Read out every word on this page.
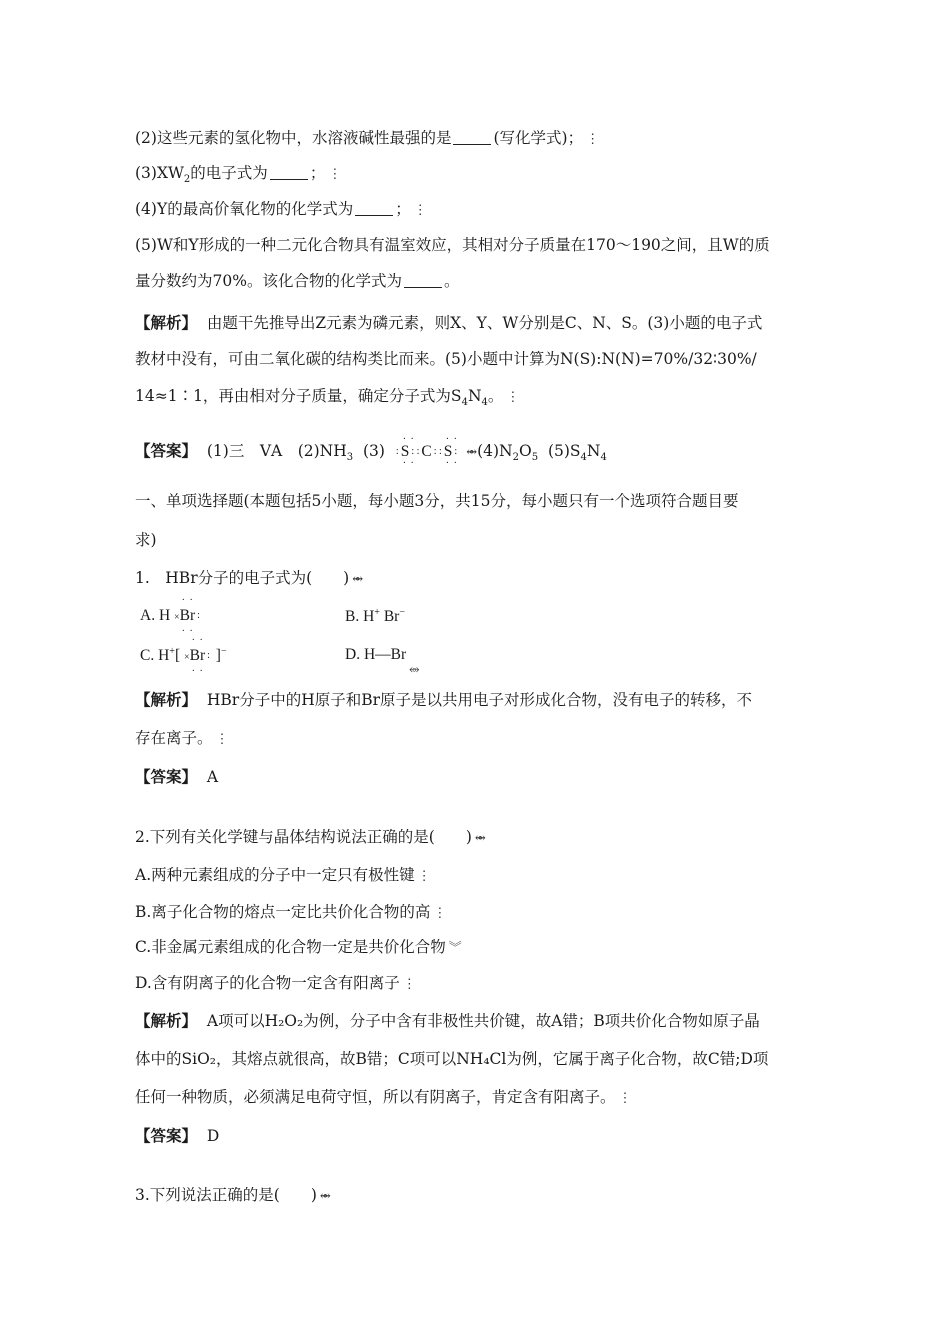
(2)这些元素的氢化物中，水溶液碱性最强的是	(写化学式)； ⋮
$(3)XW_2$的电子式为	； ⋮
(4)Y的最高价氧化物的化学式为	； ⋮
(5)W和Y形成的一种二元化合物具有温室效应，其相对分子质量在170～190之间，且W的质
量分数约为70%。该化合物的化学式为	。
【解析】 由题干先推导出Z元素为磷元素，则X、Y、W分别是C、N、S。(3)小题的电子式
教材中没有，可由二氧化碳的结构类比而来。(5)小题中计算为N(S):N(N)=70%/32∶30%/
14≈1∶1，再由相对分子质量，确定分子式为$S_4N_4$。 ⋮
【答案】 (1)三　ⅤA　$(2)NH_3$ (3) : · · S · · : : C : : · · S · · : $⥈(4)N_2O_5$ $(5)S_4N_4$
一、单项选择题(本题包括5小题，每小题3分，共15分，每小题只有一个选项符合题目要
求)
1.　HBr分子的电子式为(　　) ⥈
A. H ×· · Br · · :	B. H+ Br−
C. H+[ ×· · Br · · : ]−	D. $H—Br_⥈$
【解析】 HBr分子中的H原子和Br原子是以共用电子对形成化合物，没有电子的转移，不
存在离子。 ⋮
【答案】 A
2.下列有关化学键与晶体结构说法正确的是(　　) ⥈
A.两种元素组成的分子中一定只有极性键 ⋮
B.离子化合物的熔点一定比共价化合物的高 ⋮
C.非金属元素组成的化合物一定是共价化合物 ︾
D.含有阴离子的化合物一定含有阳离子 ⋮
【解析】 A项可以H₂O₂为例，分子中含有非极性共价键，故A错；B项共价化合物如原子晶
体中的SiO₂，其熔点就很高，故B错；C项可以NH₄Cl为例，它属于离子化合物，故C错;D项
任何一种物质，必须满足电荷守恒，所以有阴离子，肯定含有阳离子。 ⋮
【答案】 D
3.下列说法正确的是(　　) ⥈
